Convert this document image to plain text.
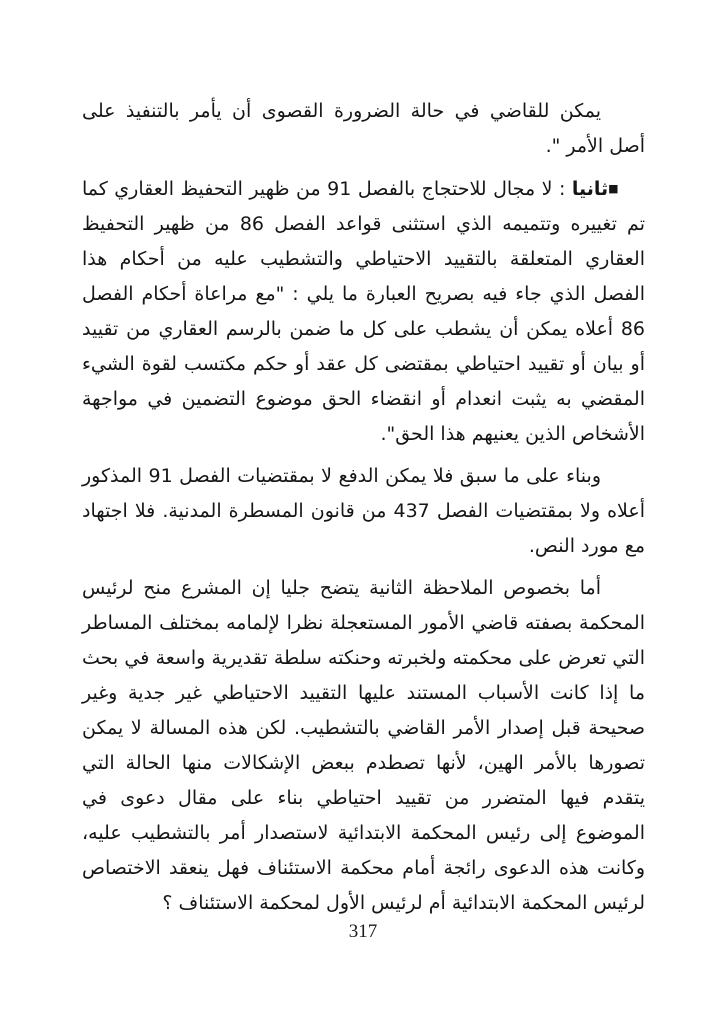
يمكن للقاضي في حالة الضرورة القصوى أن يأمر بالتنفيذ على أصل الأمر ".

■ثانيا : لا مجال للاحتجاج بالفصل 91 من ظهير التحفيظ العقاري كما تم تغييره وتتميمه الذي استثنى قواعد الفصل 86 من ظهير التحفيظ العقاري المتعلقة بالتقييد الاحتياطي والتشطيب عليه من أحكام هذا الفصل الذي جاء فيه بصريح العبارة ما يلي : "مع مراعاة أحكام الفصل 86 أعلاه يمكن أن يشطب على كل ما ضمن بالرسم العقاري من تقييد أو بيان أو تقييد احتياطي بمقتضى كل عقد أو حكم مكتسب لقوة الشيء المقضي به يثبت انعدام أو انقضاء الحق موضوع التضمين في مواجهة الأشخاص الذين يعنيهم هذا الحق".

وبناء على ما سبق فلا يمكن الدفع لا بمقتضيات الفصل 91 المذكور أعلاه ولا بمقتضيات الفصل 437 من قانون المسطرة المدنية. فلا اجتهاد مع مورد النص.

أما بخصوص الملاحظة الثانية يتضح جليا إن المشرع منح لرئيس المحكمة بصفته قاضي الأمور المستعجلة نظرا لإلمامه بمختلف المساطر التي تعرض على محكمته ولخبرته وحنكته سلطة تقديرية واسعة في بحث ما إذا كانت الأسباب المستند عليها التقييد الاحتياطي غير جدية وغير صحيحة قبل إصدار الأمر القاضي بالتشطيب. لكن هذه المسالة لا يمكن تصورها بالأمر الهين، لأنها تصطدم ببعض الإشكالات منها الحالة التي يتقدم فيها المتضرر من تقييد احتياطي بناء على مقال دعوى في الموضوع إلى رئيس المحكمة الابتدائية لاستصدار أمر بالتشطيب عليه، وكانت هذه الدعوى رائجة أمام محكمة الاستئناف فهل ينعقد الاختصاص لرئيس المحكمة الابتدائية أم لرئيس الأول لمحكمة الاستئناف ؟

317
